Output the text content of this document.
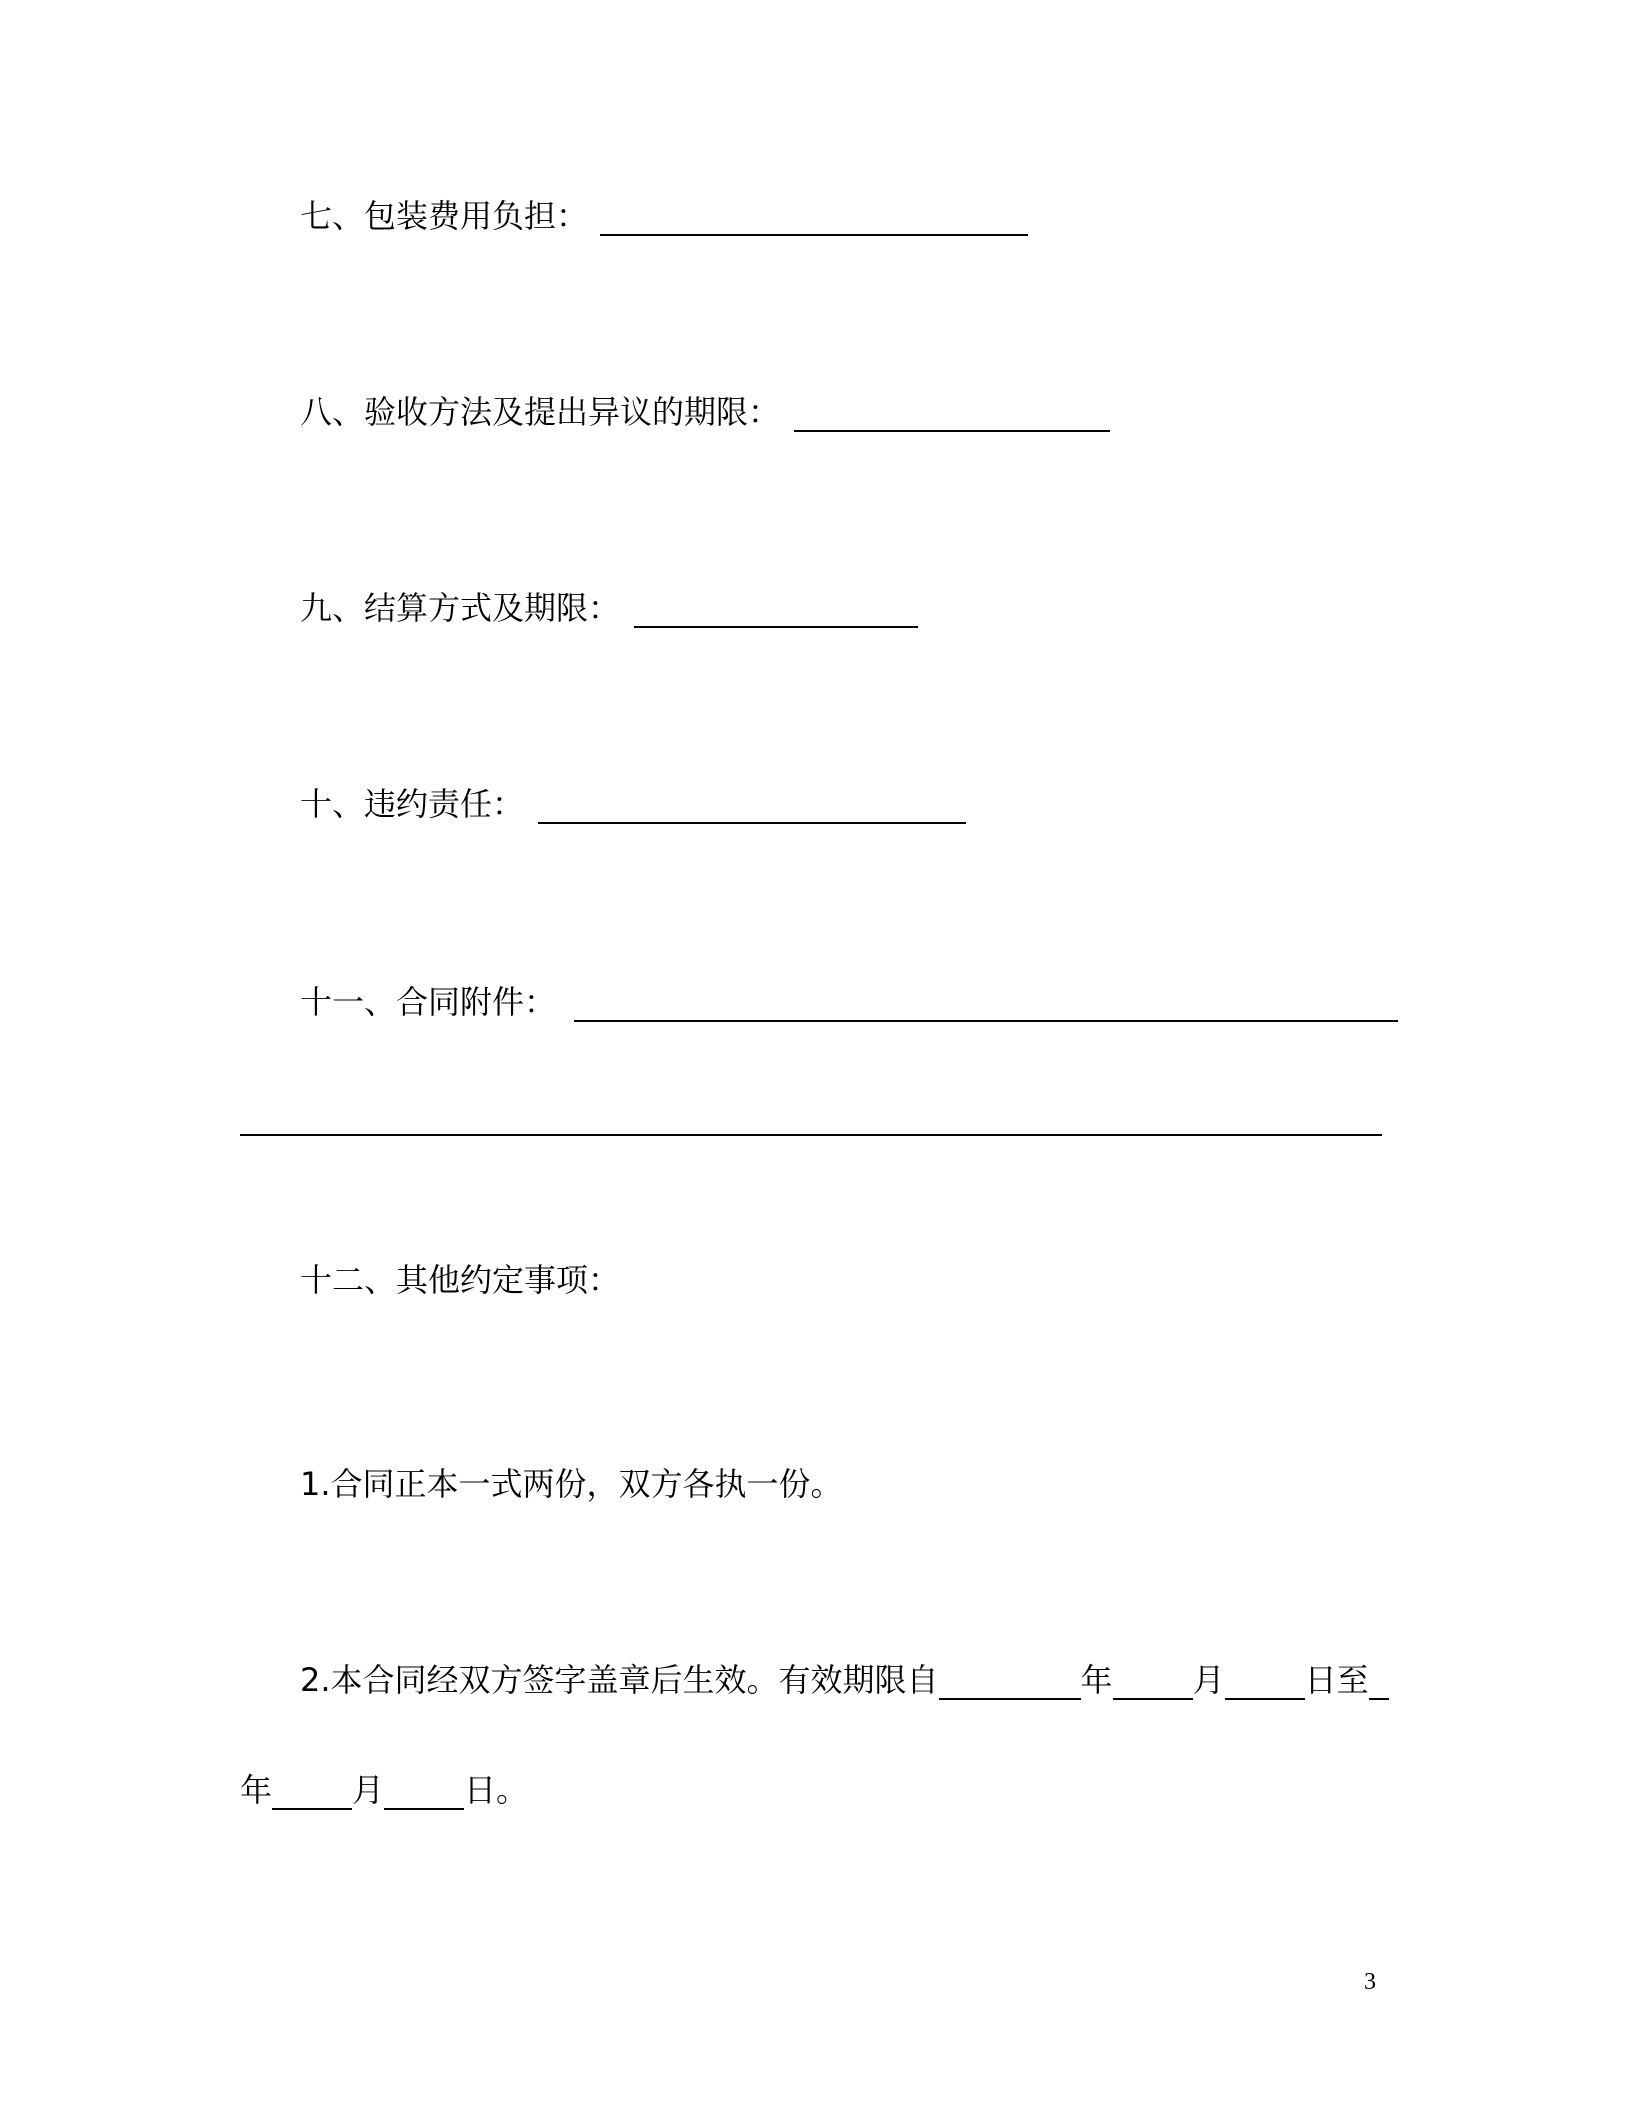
七、包装费用负担：
八、验收方法及提出异议的期限：
九、结算方式及期限：
十、违约责任：
十一、合同附件：
十二、其他约定事项：
1.合同正本一式两份，双方各执一份。
2.本合同经双方签字盖章后生效。有效期限自	年	月	日至
年	月	日。
3
